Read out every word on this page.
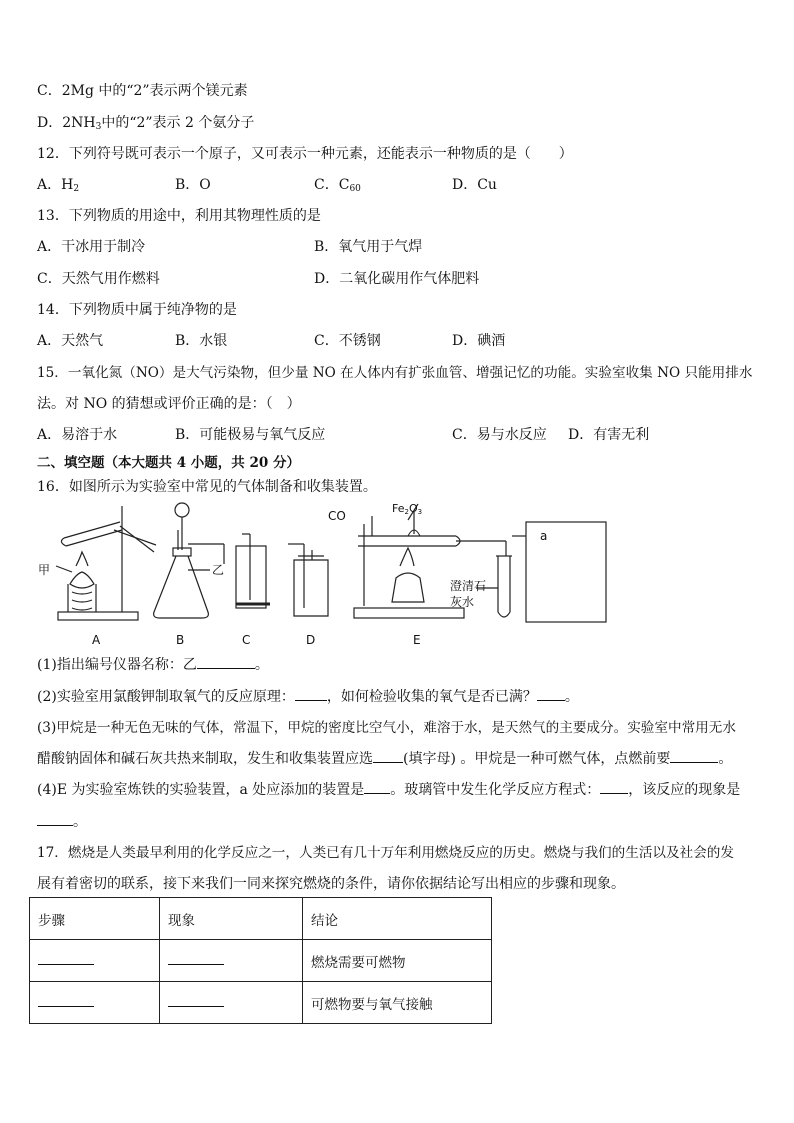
C．2Mg 中的“2”表示两个镁元素
D．$2NH_3$中的“2”表示 2 个氨分子
12．下列符号既可表示一个原子，又可表示一种元素，还能表示一种物质的是（　　）
A．$H_2$	B．O	C．$C_{60}$	D．Cu
13．下列物质的用途中，利用其物理性质的是
A．干冰用于制冷	B．氧气用于气焊
C．天然气用作燃料	D．二氧化碳用作气体肥料
14．下列物质中属于纯净物的是
A．天然气	B．水银	C．不锈钢	D．碘酒
15．一氧化氮（NO）是大气污染物，但少量 NO 在人体内有扩张血管、增强记忆的功能。实验室收集 NO 只能用排水
法。对 NO 的猜想或评价正确的是：（　）
A．易溶于水	B．可能极易与氧气反应	C．易与水反应 D．有害无利
二、填空题（本大题共 4 小题，共 20 分）
16．如图所示为实验室中常见的气体制备和收集装置。
甲	乙
CO
Fe2O3
澄清石
灰水
a
A	B	C	D	E
(1)指出编号仪器名称：乙	。
(2)实验室用氯酸钾制取氧气的反应原理： ，如何检验收集的氧气是否已满？ 。
(3)甲烷是一种无色无味的气体，常温下，甲烷的密度比空气小，难溶于水，是天然气的主要成分。实验室中常用无水
醋酸钠固体和碱石灰共热来制取，发生和收集装置应选 (填字母) 。甲烷是一种可燃气体，点燃前要	。
(4)E 为实验室炼铁的实验装置，a 处应添加的装置是 。玻璃管中发生化学反应方程式： ，该反应的现象是
。
17．燃烧是人类最早利用的化学反应之一，人类已有几十万年利用燃烧反应的历史。燃烧与我们的生活以及社会的发
展有着密切的联系，接下来我们一同来探究燃烧的条件，请你依据结论写出相应的步骤和现象。
步骤	现象	结论
		燃烧需要可燃物
		可燃物要与氧气接触
